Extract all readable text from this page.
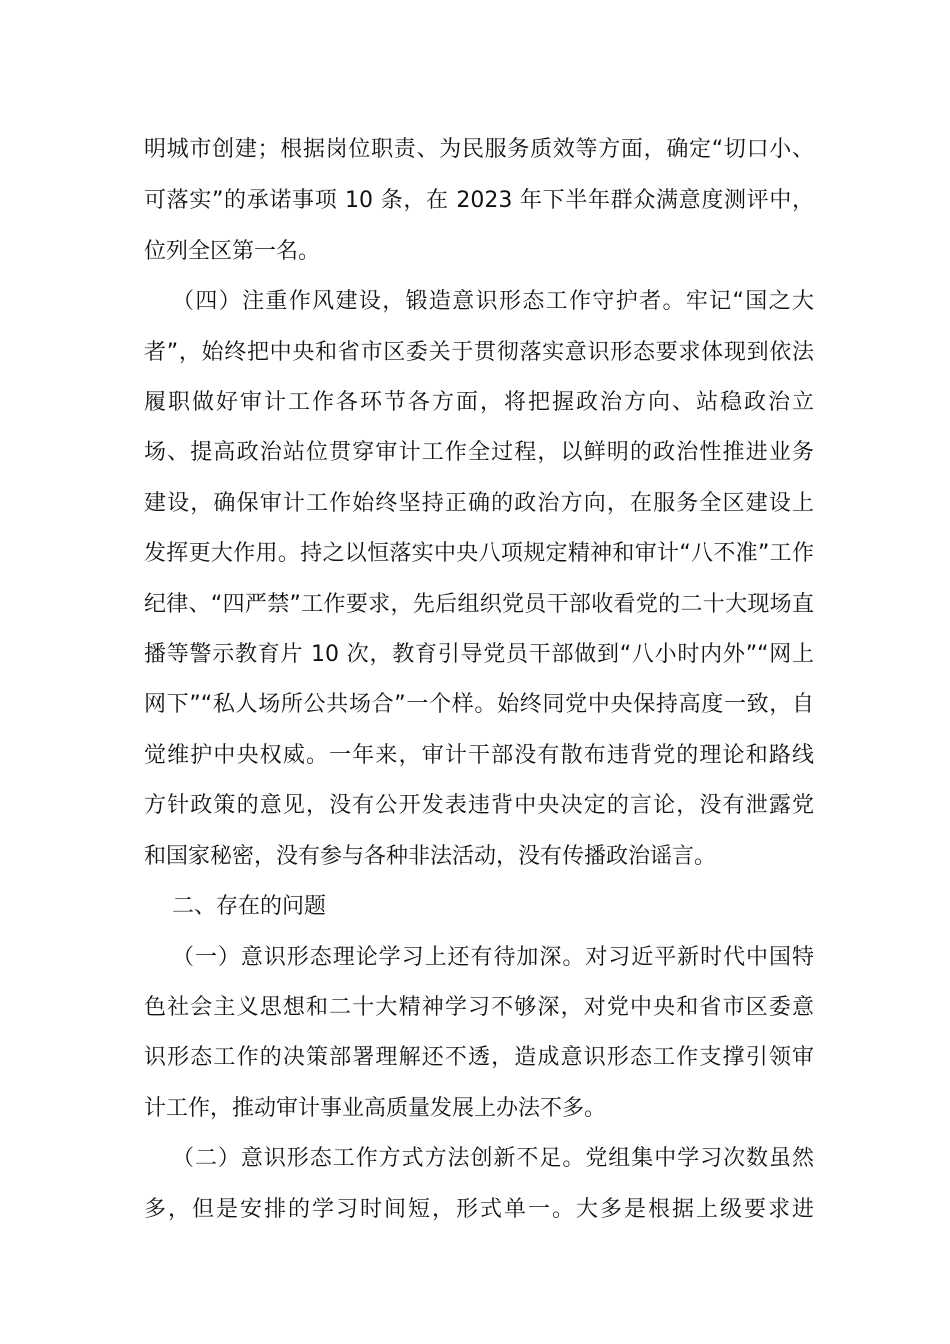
明城市创建；根据岗位职责、为民服务质效等方面，确定“切口小、
可落实”的承诺事项 10 条，在 2023 年下半年群众满意度测评中，
位列全区第一名。
（四）注重作风建设，锻造意识形态工作守护者。牢记“国之大
者”，始终把中央和省市区委关于贯彻落实意识形态要求体现到依法
履职做好审计工作各环节各方面，将把握政治方向、站稳政治立
场、提高政治站位贯穿审计工作全过程，以鲜明的政治性推进业务
建设，确保审计工作始终坚持正确的政治方向，在服务全区建设上
发挥更大作用。持之以恒落实中央八项规定精神和审计“八不准”工作
纪律、“四严禁”工作要求，先后组织党员干部收看党的二十大现场直
播等警示教育片 10 次，教育引导党员干部做到“八小时内外”“网上
网下”“私人场所公共场合”一个样。始终同党中央保持高度一致，自
觉维护中央权威。一年来，审计干部没有散布违背党的理论和路线
方针政策的意见，没有公开发表违背中央决定的言论，没有泄露党
和国家秘密，没有参与各种非法活动，没有传播政治谣言。
二、存在的问题
（一）意识形态理论学习上还有待加深。对习近平新时代中国特
色社会主义思想和二十大精神学习不够深，对党中央和省市区委意
识形态工作的决策部署理解还不透，造成意识形态工作支撑引领审
计工作，推动审计事业高质量发展上办法不多。
（二）意识形态工作方式方法创新不足。党组集中学习次数虽然
多，但是安排的学习时间短，形式单一。大多是根据上级要求进
